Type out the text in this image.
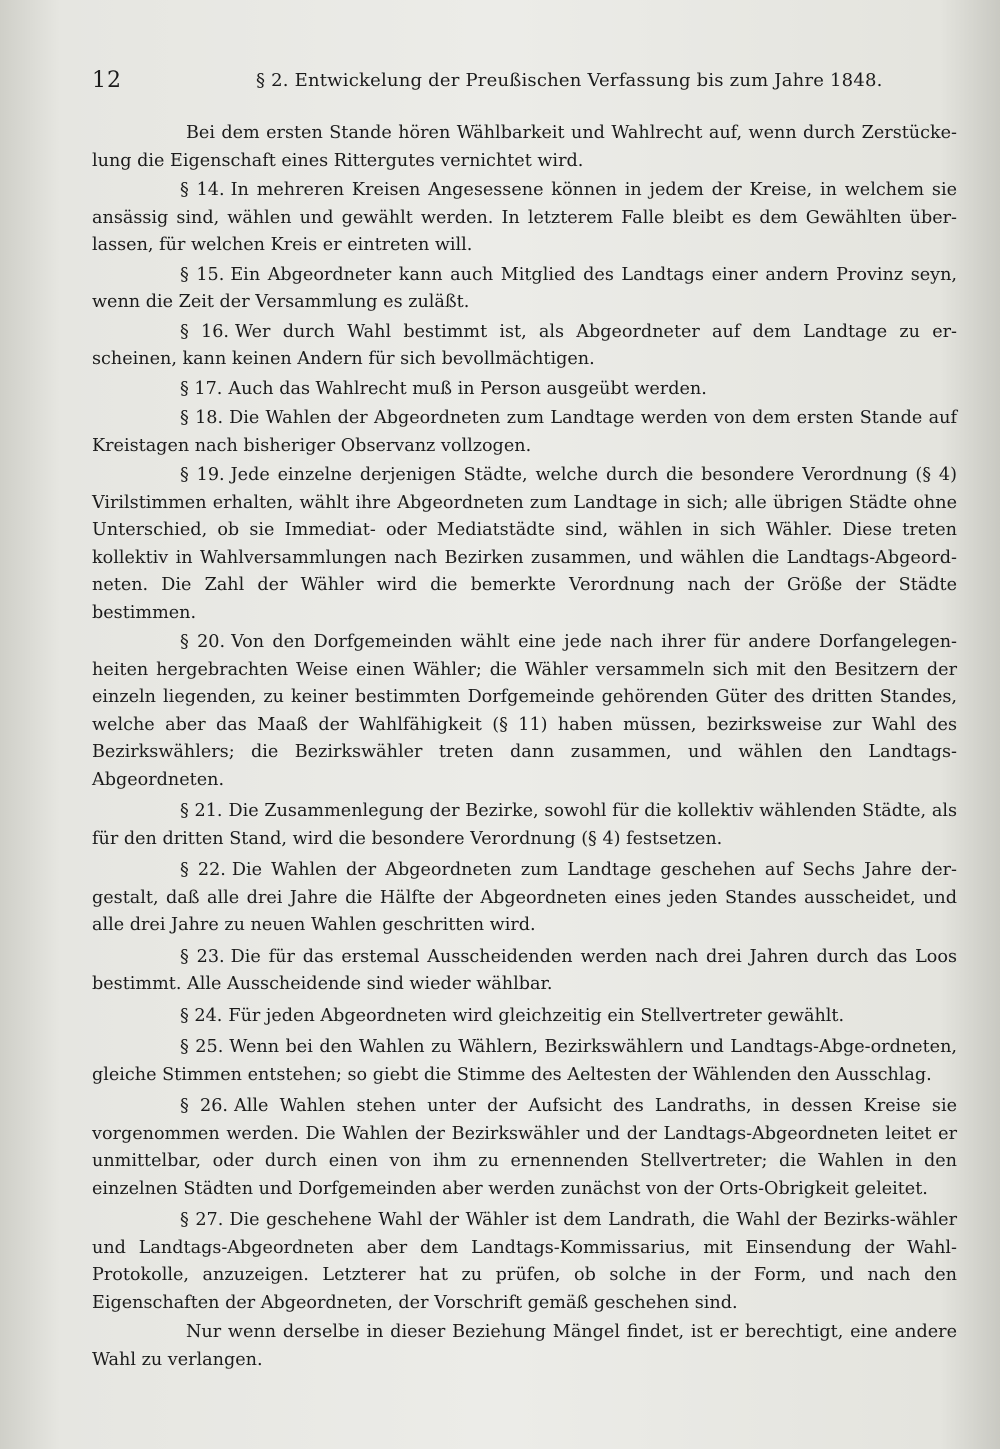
12	§ 2. Entwickelung der Preußischen Verfassung bis zum Jahre 1848.

Bei dem ersten Stande hören Wählbarkeit und Wahlrecht auf, wenn durch Zerstücke-lung die Eigenschaft eines Rittergutes vernichtet wird.

§ 14. In mehreren Kreisen Angesessene können in jedem der Kreise, in welchem sie ansässig sind, wählen und gewählt werden. In letzterem Falle bleibt es dem Gewählten über-lassen, für welchen Kreis er eintreten will.

§ 15. Ein Abgeordneter kann auch Mitglied des Landtags einer andern Provinz seyn, wenn die Zeit der Versammlung es zuläßt.

§ 16. Wer durch Wahl bestimmt ist, als Abgeordneter auf dem Landtage zu er-scheinen, kann keinen Andern für sich bevollmächtigen.

§ 17. Auch das Wahlrecht muß in Person ausgeübt werden.

§ 18. Die Wahlen der Abgeordneten zum Landtage werden von dem ersten Stande auf Kreistagen nach bisheriger Observanz vollzogen.

§ 19. Jede einzelne derjenigen Städte, welche durch die besondere Verordnung (§ 4) Virilstimmen erhalten, wählt ihre Abgeordneten zum Landtage in sich; alle übrigen Städte ohne Unterschied, ob sie Immediat- oder Mediatstädte sind, wählen in sich Wähler. Diese treten kollektiv in Wahlversammlungen nach Bezirken zusammen, und wählen die Landtags-Abgeord-neten. Die Zahl der Wähler wird die bemerkte Verordnung nach der Größe der Städte bestimmen.

§ 20. Von den Dorfgemeinden wählt eine jede nach ihrer für andere Dorfangelegen-heiten hergebrachten Weise einen Wähler; die Wähler versammeln sich mit den Besitzern der einzeln liegenden, zu keiner bestimmten Dorfgemeinde gehörenden Güter des dritten Standes, welche aber das Maaß der Wahlfähigkeit (§ 11) haben müssen, bezirksweise zur Wahl des Bezirkswählers; die Bezirkswähler treten dann zusammen, und wählen den Landtags-Abgeordneten.

§ 21. Die Zusammenlegung der Bezirke, sowohl für die kollektiv wählenden Städte, als für den dritten Stand, wird die besondere Verordnung (§ 4) festsetzen.

§ 22. Die Wahlen der Abgeordneten zum Landtage geschehen auf Sechs Jahre der-gestalt, daß alle drei Jahre die Hälfte der Abgeordneten eines jeden Standes ausscheidet, und alle drei Jahre zu neuen Wahlen geschritten wird.

§ 23. Die für das erstemal Ausscheidenden werden nach drei Jahren durch das Loos bestimmt. Alle Ausscheidende sind wieder wählbar.

§ 24. Für jeden Abgeordneten wird gleichzeitig ein Stellvertreter gewählt.

§ 25. Wenn bei den Wahlen zu Wählern, Bezirkswählern und Landtags-Abge-ordneten, gleiche Stimmen entstehen; so giebt die Stimme des Aeltesten der Wählenden den Ausschlag.

§ 26. Alle Wahlen stehen unter der Aufsicht des Landraths, in dessen Kreise sie vorgenommen werden. Die Wahlen der Bezirkswähler und der Landtags-Abgeordneten leitet er unmittelbar, oder durch einen von ihm zu ernennenden Stellvertreter; die Wahlen in den einzelnen Städten und Dorfgemeinden aber werden zunächst von der Orts-Obrigkeit geleitet.

§ 27. Die geschehene Wahl der Wähler ist dem Landrath, die Wahl der Bezirks-wähler und Landtags-Abgeordneten aber dem Landtags-Kommissarius, mit Einsendung der Wahl-Protokolle, anzuzeigen. Letzterer hat zu prüfen, ob solche in der Form, und nach den Eigenschaften der Abgeordneten, der Vorschrift gemäß geschehen sind.

Nur wenn derselbe in dieser Beziehung Mängel findet, ist er berechtigt, eine andere Wahl zu verlangen.
